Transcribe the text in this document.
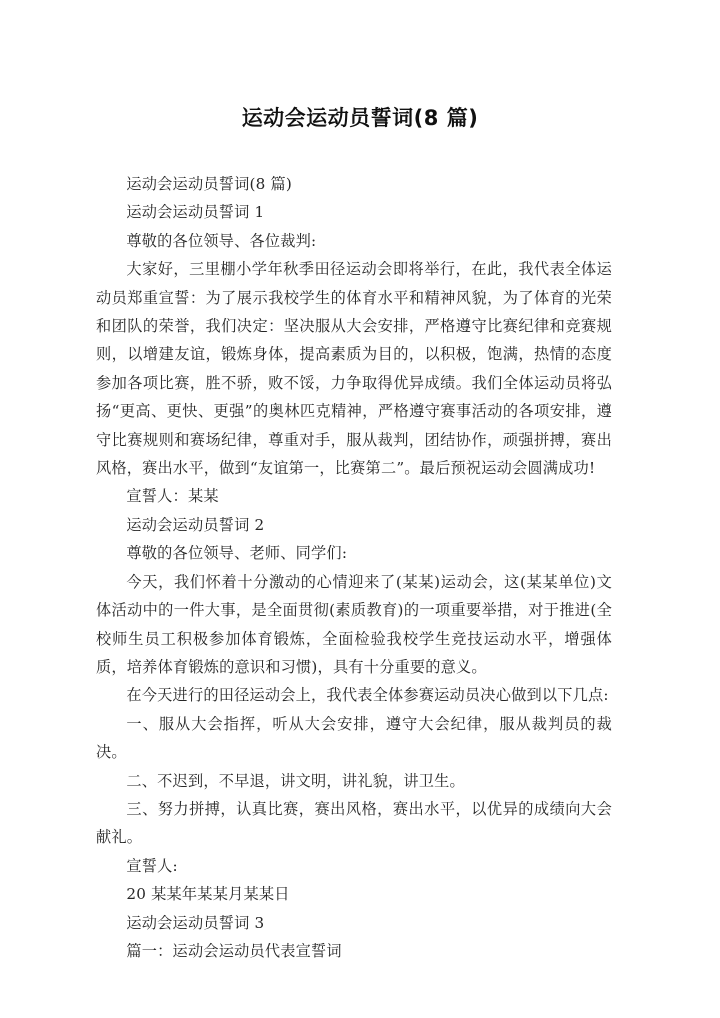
运动会运动员誓词(8 篇)

运动会运动员誓词(8 篇)

运动会运动员誓词 1

尊敬的各位领导、各位裁判:

大家好，三里棚小学年秋季田径运动会即将举行，在此，我代表全体运动员郑重宣誓：为了展示我校学生的体育水平和精神风貌，为了体育的光荣和团队的荣誉，我们决定：坚决服从大会安排，严格遵守比赛纪律和竞赛规则，以增建友谊，锻炼身体，提高素质为目的，以积极，饱满，热情的态度参加各项比赛，胜不骄，败不馁，力争取得优异成绩。我们全体运动员将弘扬“更高、更快、更强”的奥林匹克精神，严格遵守赛事活动的各项安排，遵守比赛规则和赛场纪律，尊重对手，服从裁判，团结协作，顽强拼搏，赛出风格，赛出水平，做到“友谊第一，比赛第二”。最后预祝运动会圆满成功!

宣誓人：某某

运动会运动员誓词 2

尊敬的各位领导、老师、同学们:

今天，我们怀着十分激动的心情迎来了(某某)运动会，这(某某单位)文体活动中的一件大事，是全面贯彻(素质教育)的一项重要举措，对于推进(全校师生员工积极参加体育锻炼，全面检验我校学生竞技运动水平，增强体质，培养体育锻炼的意识和习惯)，具有十分重要的意义。

在今天进行的田径运动会上，我代表全体参赛运动员决心做到以下几点:

一、服从大会指挥，听从大会安排，遵守大会纪律，服从裁判员的裁决。

二、不迟到，不早退，讲文明，讲礼貌，讲卫生。

三、努力拼搏，认真比赛，赛出风格，赛出水平，以优异的成绩向大会献礼。

宣誓人:

20 某某年某某月某某日

运动会运动员誓词 3

篇一：运动会运动员代表宣誓词
